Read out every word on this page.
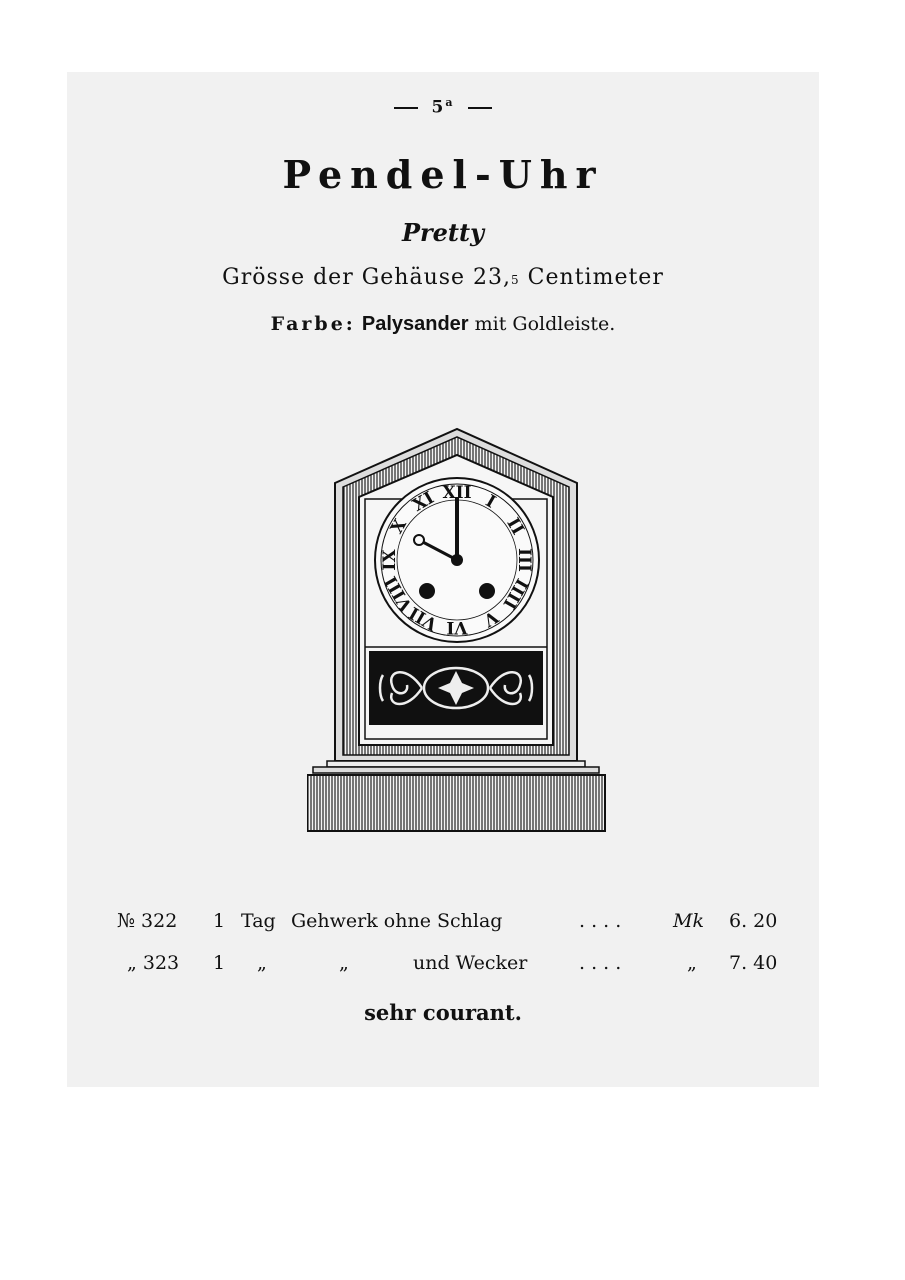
5$^a$
Pendel-Uhr
Pretty
Grösse der Gehäuse 23,5 Centimeter
Farbe: Palysander mit Goldleiste.
XII I
II
III
IIII
V
VI
VII
VIII
IX
X
XI
№ 322 1 Tag Gehwerk ohne Schlag	. . . .	Mk 6. 20
„ 323 1 „	„	und Wecker	. . . .	„ 7. 40
sehr courant.
